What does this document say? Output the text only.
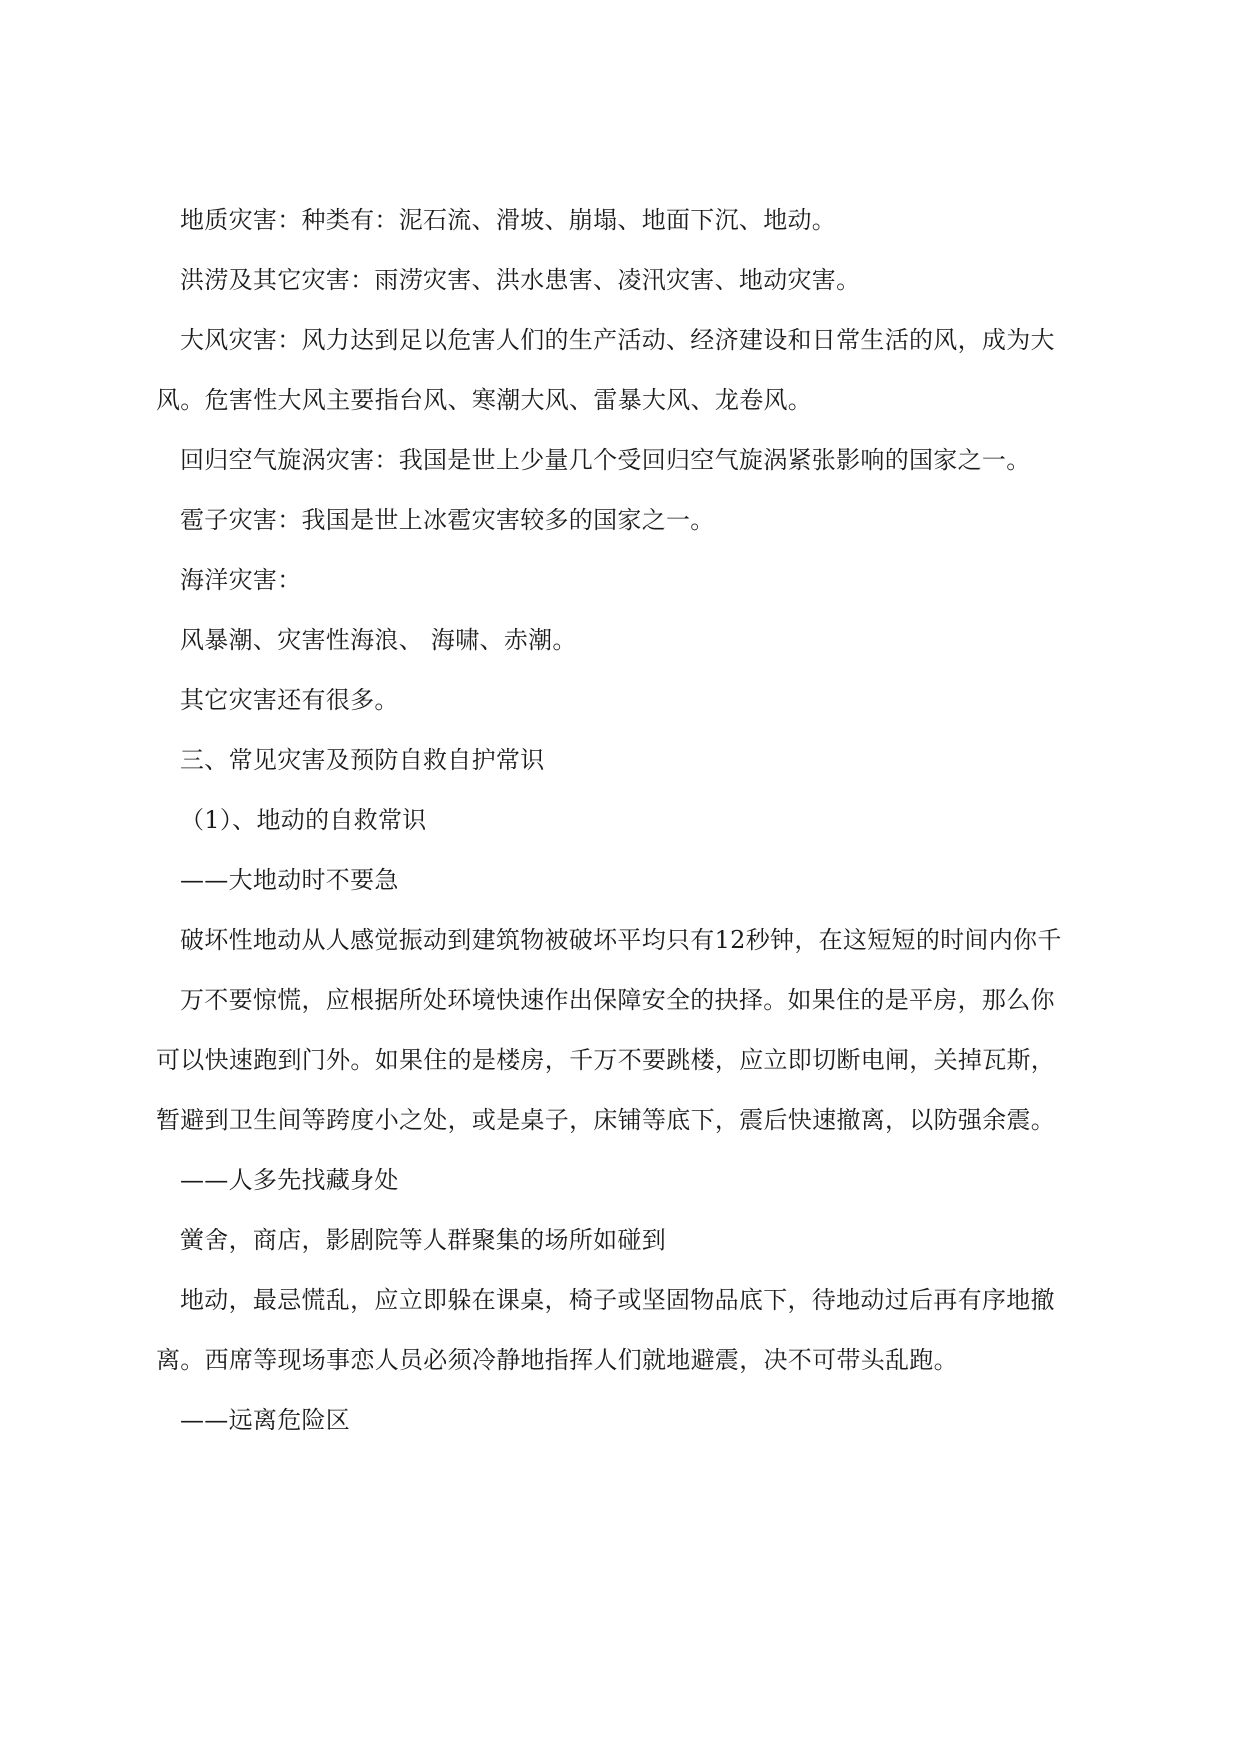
地质灾害：种类有：泥石流、滑坡、崩塌、地面下沉、地动。

洪涝及其它灾害：雨涝灾害、洪水患害、凌汛灾害、地动灾害。

大风灾害：风力达到足以危害人们的生产活动、经济建设和日常生活的风，成为大风。危害性大风主要指台风、寒潮大风、雷暴大风、龙卷风。

回归空气旋涡灾害：我国是世上少量几个受回归空气旋涡紧张影响的国家之一。

雹子灾害：我国是世上冰雹灾害较多的国家之一。

海洋灾害：

风暴潮、灾害性海浪、 海啸、赤潮。

其它灾害还有很多。

三、常见灾害及预防自救自护常识

（1）、地动的自救常识

——大地动时不要急

破坏性地动从人感觉振动到建筑物被破坏平均只有12秒钟，在这短短的时间内你千

万不要惊慌，应根据所处环境快速作出保障安全的抉择。如果住的是平房，那么你可以快速跑到门外。如果住的是楼房，千万不要跳楼，应立即切断电闸，关掉瓦斯，暂避到卫生间等跨度小之处，或是桌子，床铺等底下，震后快速撤离，以防强余震。

——人多先找藏身处

黉舍，商店，影剧院等人群聚集的场所如碰到

地动，最忌慌乱，应立即躲在课桌，椅子或坚固物品底下，待地动过后再有序地撤离。西席等现场事恋人员必须冷静地指挥人们就地避震，决不可带头乱跑。

——远离危险区
